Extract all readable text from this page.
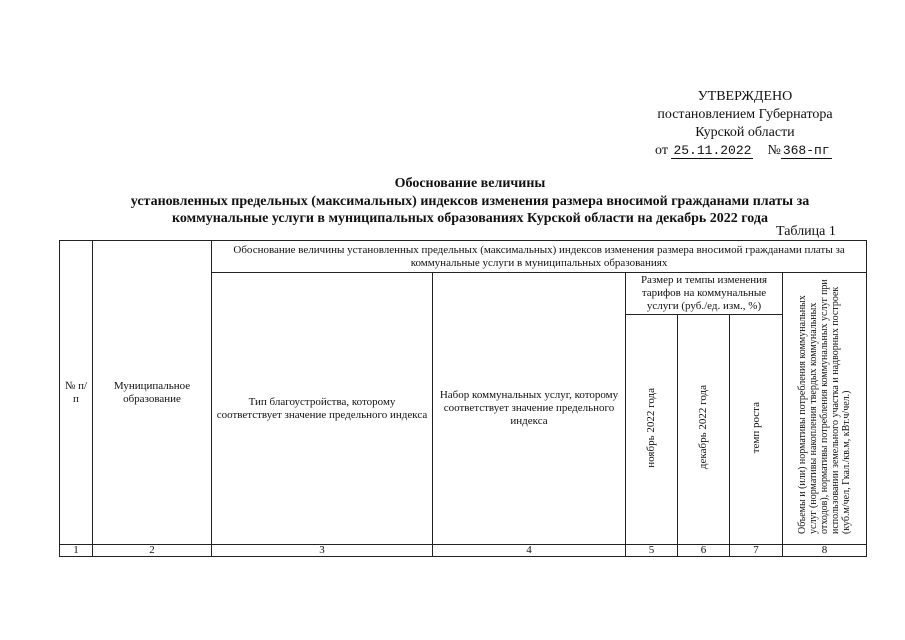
УТВЕРЖДЕНО
постановлением Губернатора
Курской области
от 25.11.2022 № 368-пг
Обоснование величины
установленных предельных (максимальных) индексов изменения размера вносимой гражданами платы за
коммунальные услуги в муниципальных образованиях Курской области на декабрь 2022 года
Таблица 1
№ п/п	Муниципальное образование	Обоснование величины установленных предельных (максимальных) индексов изменения размера вносимой гражданами платы за коммунальные услуги в муниципальных образованиях					
		Тип благоустройства, которому соответствует значение предельного индекса	Набор коммунальных услуг, которому соответствует значение предельного индекса	Размер и темпы изменения тарифов на коммунальные услуги (руб./ед. изм., %)			Объемы и (или) нормативы потребления коммунальных услуг (нормативы накопления твердых коммунальных отходов), нормативы потребления коммунальных услуг при использовании земельного участка и надворных построек (куб.м/чел, Гкал./кв.м, кВт.ч/чел.)
				ноябрь 2022 года	декабрь 2022 года	темп роста	
1	2	3	4	5	6	7	8
